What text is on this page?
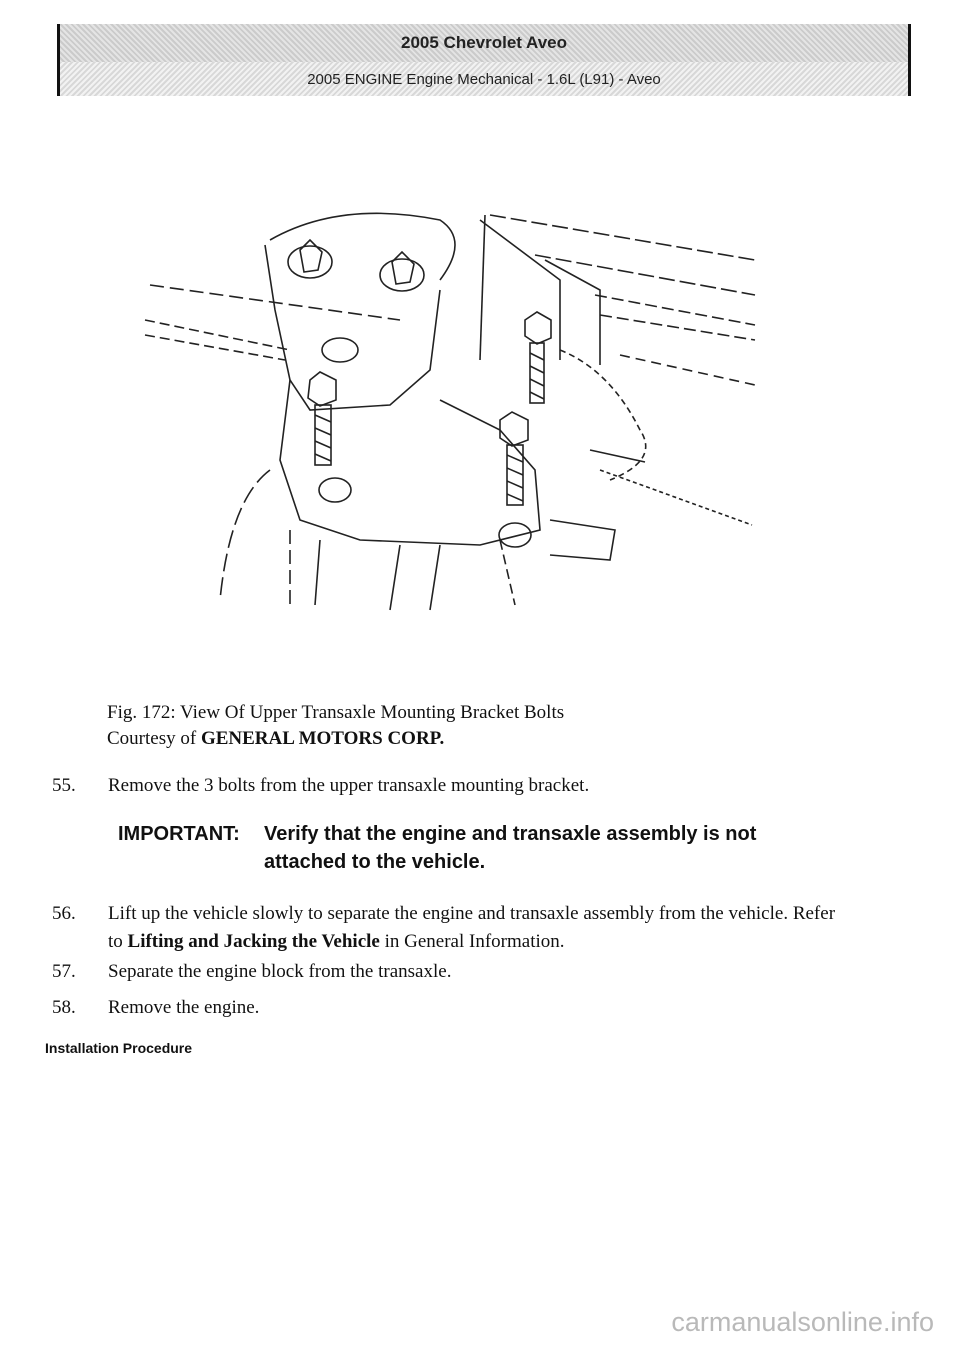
2005 Chevrolet Aveo
2005 ENGINE Engine Mechanical - 1.6L (L91) - Aveo
Fig. 172: View Of Upper Transaxle Mounting Bracket Bolts
Courtesy of GENERAL MOTORS CORP.
55.	Remove the 3 bolts from the upper transaxle mounting bracket.
IMPORTANT: Verify that the engine and transaxle assembly is not
attached to the vehicle.
56.	Lift up the vehicle slowly to separate the engine and transaxle assembly from the vehicle. Refer to Lifting and Jacking the Vehicle in General Information.
57.	Separate the engine block from the transaxle.
58.	Remove the engine.
Installation Procedure
carmanualsonline.info
